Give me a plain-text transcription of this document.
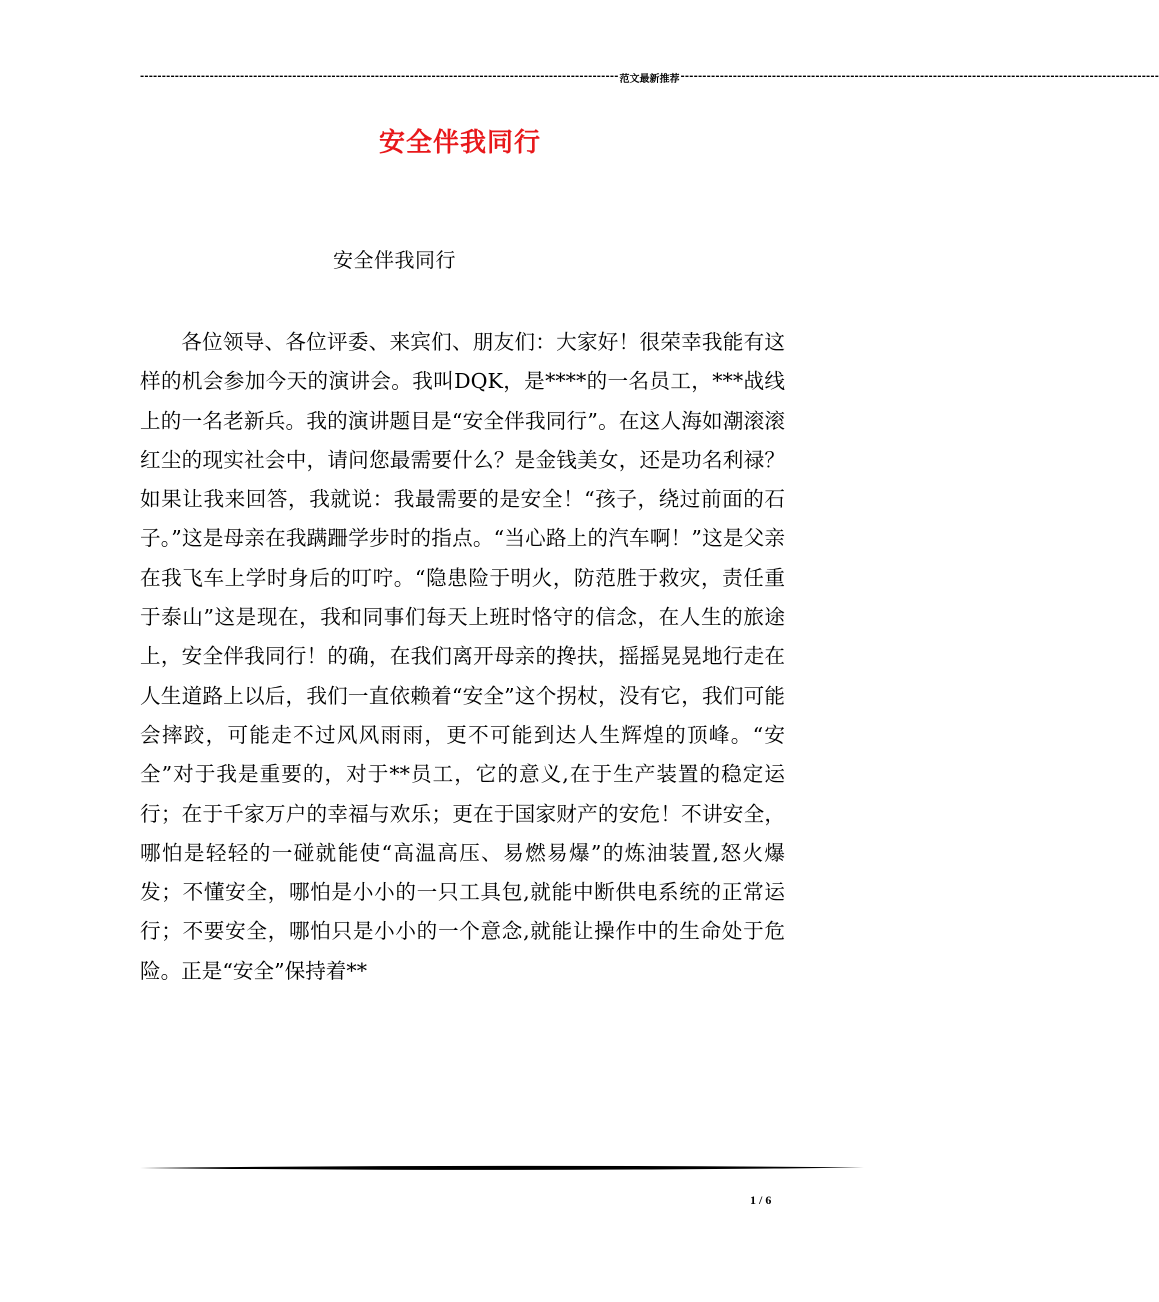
-------------------------------------------------------------------------------------------------------------- 范文最新推荐 --------------------------------------------------------------------------------------------------------------
安全伴我同行
安全伴我同行
各位领导、各位评委、来宾们、朋友们：大家好！很荣幸我能有这样的机会参加今天的演讲会。我叫DQK，是****的一名员工，***战线上的一名老新兵。我的演讲题目是“安全伴我同行”。在这人海如潮滚滚红尘的现实社会中，请问您最需要什么？是金钱美女，还是功名利禄？如果让我来回答，我就说：我最需要的是安全！“孩子，绕过前面的石子。”这是母亲在我蹒跚学步时的指点。“当心路上的汽车啊！”这是父亲在我飞车上学时身后的叮咛。“隐患险于明火，防范胜于救灾，责任重于泰山”这是现在，我和同事们每天上班时恪守的信念，在人生的旅途上，安全伴我同行！的确，在我们离开母亲的搀扶，摇摇晃晃地行走在人生道路上以后，我们一直依赖着“安全”这个拐杖，没有它，我们可能会摔跤，可能走不过风风雨雨，更不可能到达人生辉煌的顶峰。“安全”对于我是重要的，对于**员工，它的意义,在于生产装置的稳定运行；在于千家万户的幸福与欢乐；更在于国家财产的安危！不讲安全，哪怕是轻轻的一碰就能使“高温高压、易燃易爆”的炼油装置,怒火爆发；不懂安全，哪怕是小小的一只工具包,就能中断供电系统的正常运行；不要安全，哪怕只是小小的一个意念,就能让操作中的生命处于危险。正是“安全”保持着**
1 / 6
